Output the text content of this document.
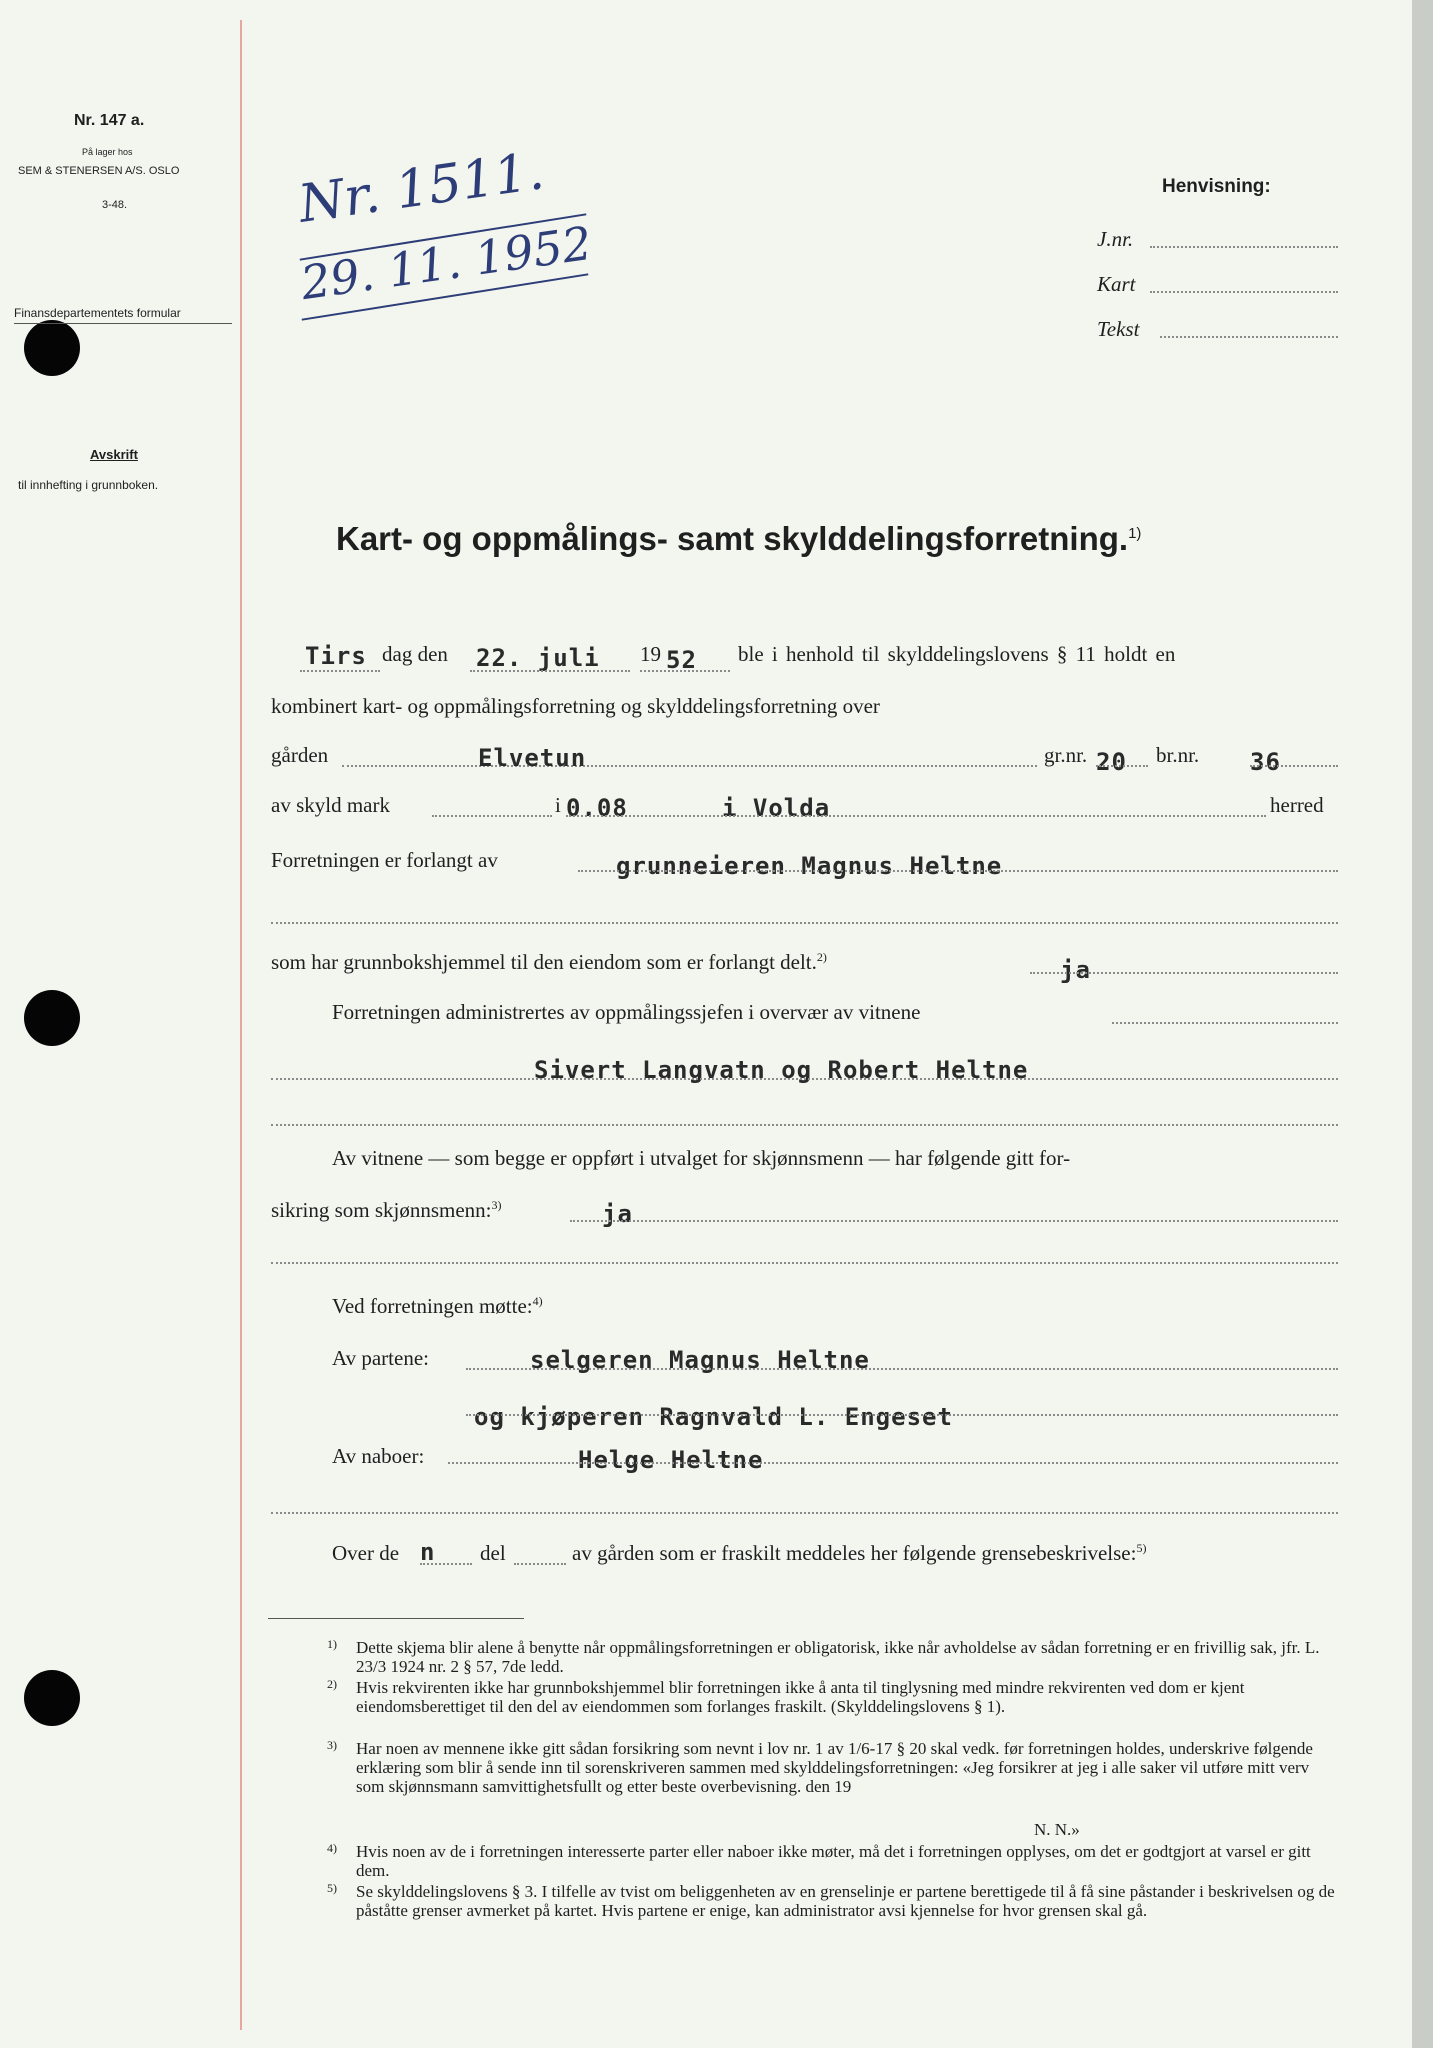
Nr. 147 a.
På lager hos
SEM & STENERSEN A/S. OSLO
3-48.
Finansdepartementets formular
Avskrift
til innhefting i grunnboken.
Nr. 1511.
29. 11. 1952
Henvisning:
J.nr.
Kart
Tekst
Kart- og oppmålings- samt skylddelingsforretning.$^{1)}$
Tirs dag den 22. juli 19 52 ble i henhold til skylddelingslovens § 11 holdt en
kombinert kart- og oppmålingsforretning og skylddelingsforretning over
gården	Elvetun	gr.nr. 20 br.nr. 36
av skyld mark	i 0.08	i Volda	herred
Forretningen er forlangt av	grunneieren Magnus Heltne
som har grunnbokshjemmel til den eiendom som er forlangt delt.$^{2)}$	ja
Forretningen administrertes av oppmålingssjefen i overvær av vitnene
Sivert Langvatn og Robert Heltne
Av vitnene — som begge er oppført i utvalget for skjønnsmenn — har følgende gitt for-
sikring som skjønnsmenn:$^{3)}$	ja
Ved forretningen møtte:$^{4)}$
Av partene:	selgeren Magnus Heltne
og kjøperen Ragnvald L. Engeset
Av naboer:	Helge Heltne
Over de n del	av gården som er fraskilt meddeles her følgende grensebeskrivelse:$^{5)}$
1) Dette skjema blir alene å benytte når oppmålingsforretningen er obligatorisk, ikke når avholdelse av sådan forretning er en frivillig sak, jfr. L. 23/3 1924 nr. 2 § 57, 7de ledd.
2) Hvis rekvirenten ikke har grunnbokshjemmel blir forretningen ikke å anta til tinglysning med mindre rekvirenten ved dom er kjent eiendomsberettiget til den del av eiendommen som forlanges fraskilt. (Skylddelingslovens § 1).
3) Har noen av mennene ikke gitt sådan forsikring som nevnt i lov nr. 1 av 1/6-17 § 20 skal vedk. før forretningen holdes, underskrive følgende erklæring som blir å sende inn til sorenskriveren sammen med skylddelingsforretningen: «Jeg forsikrer at jeg i alle saker vil utføre mitt verv som skjønnsmann samvittighetsfullt og etter beste overbevisning. den 19
N. N.»
4) Hvis noen av de i forretningen interesserte parter eller naboer ikke møter, må det i forretningen opplyses, om det er godtgjort at varsel er gitt dem.
5) Se skylddelingslovens § 3. I tilfelle av tvist om beliggenheten av en grenselinje er partene berettigede til å få sine påstander i beskrivelsen og de påståtte grenser avmerket på kartet. Hvis partene er enige, kan administrator avsi kjennelse for hvor grensen skal gå.
